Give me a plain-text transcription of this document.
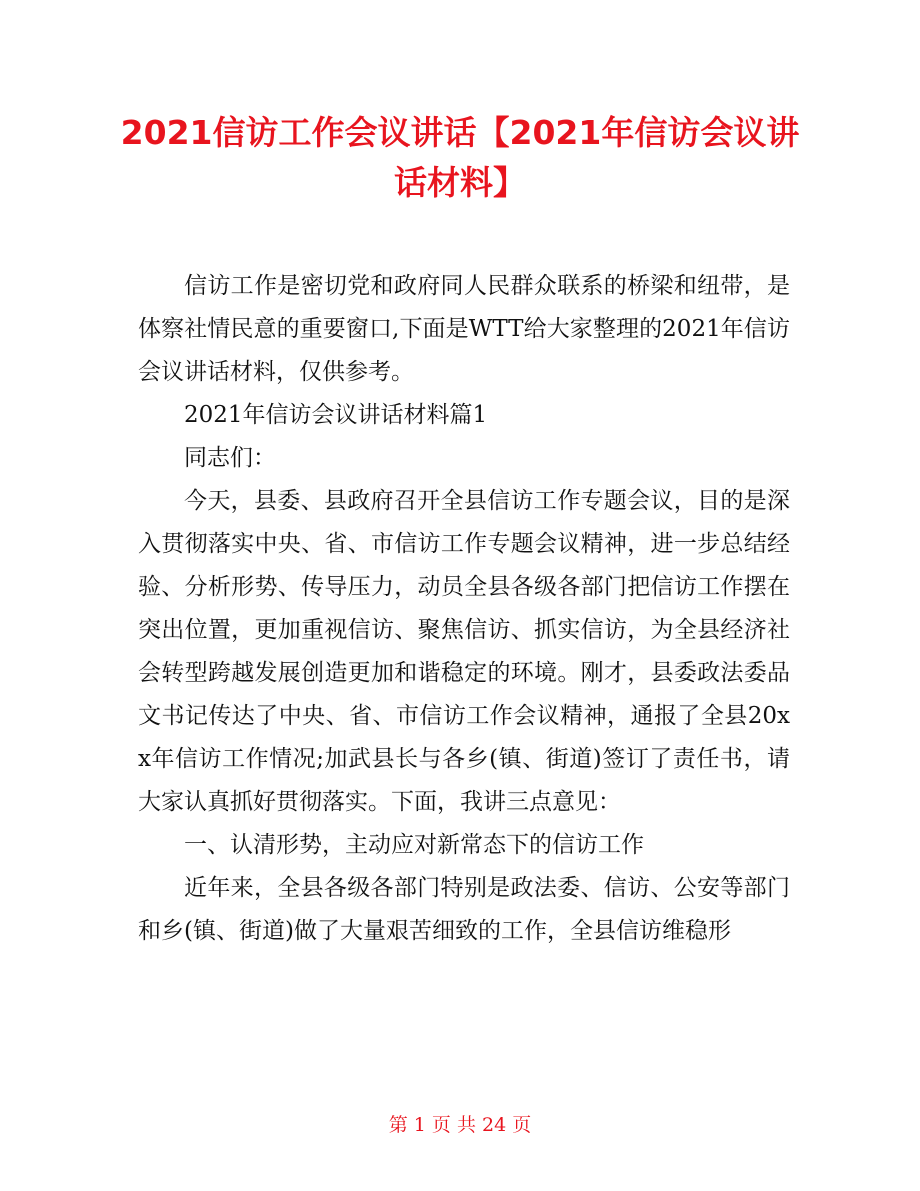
2021信访工作会议讲话【2021年信访会议讲话材料】

信访工作是密切党和政府同人民群众联系的桥梁和纽带，是体察社情民意的重要窗口,下面是WTT给大家整理的2021年信访会议讲话材料，仅供参考。

2021年信访会议讲话材料篇1

同志们：

今天，县委、县政府召开全县信访工作专题会议，目的是深入贯彻落实中央、省、市信访工作专题会议精神，进一步总结经验、分析形势、传导压力，动员全县各级各部门把信访工作摆在突出位置，更加重视信访、聚焦信访、抓实信访，为全县经济社会转型跨越发展创造更加和谐稳定的环境。刚才，县委政法委品文书记传达了中央、省、市信访工作会议精神，通报了全县20xx年信访工作情况;加武县长与各乡(镇、街道)签订了责任书，请大家认真抓好贯彻落实。下面，我讲三点意见：

一、认清形势，主动应对新常态下的信访工作

近年来，全县各级各部门特别是政法委、信访、公安等部门和乡(镇、街道)做了大量艰苦细致的工作，全县信访维稳形

第 1 页 共 24 页
